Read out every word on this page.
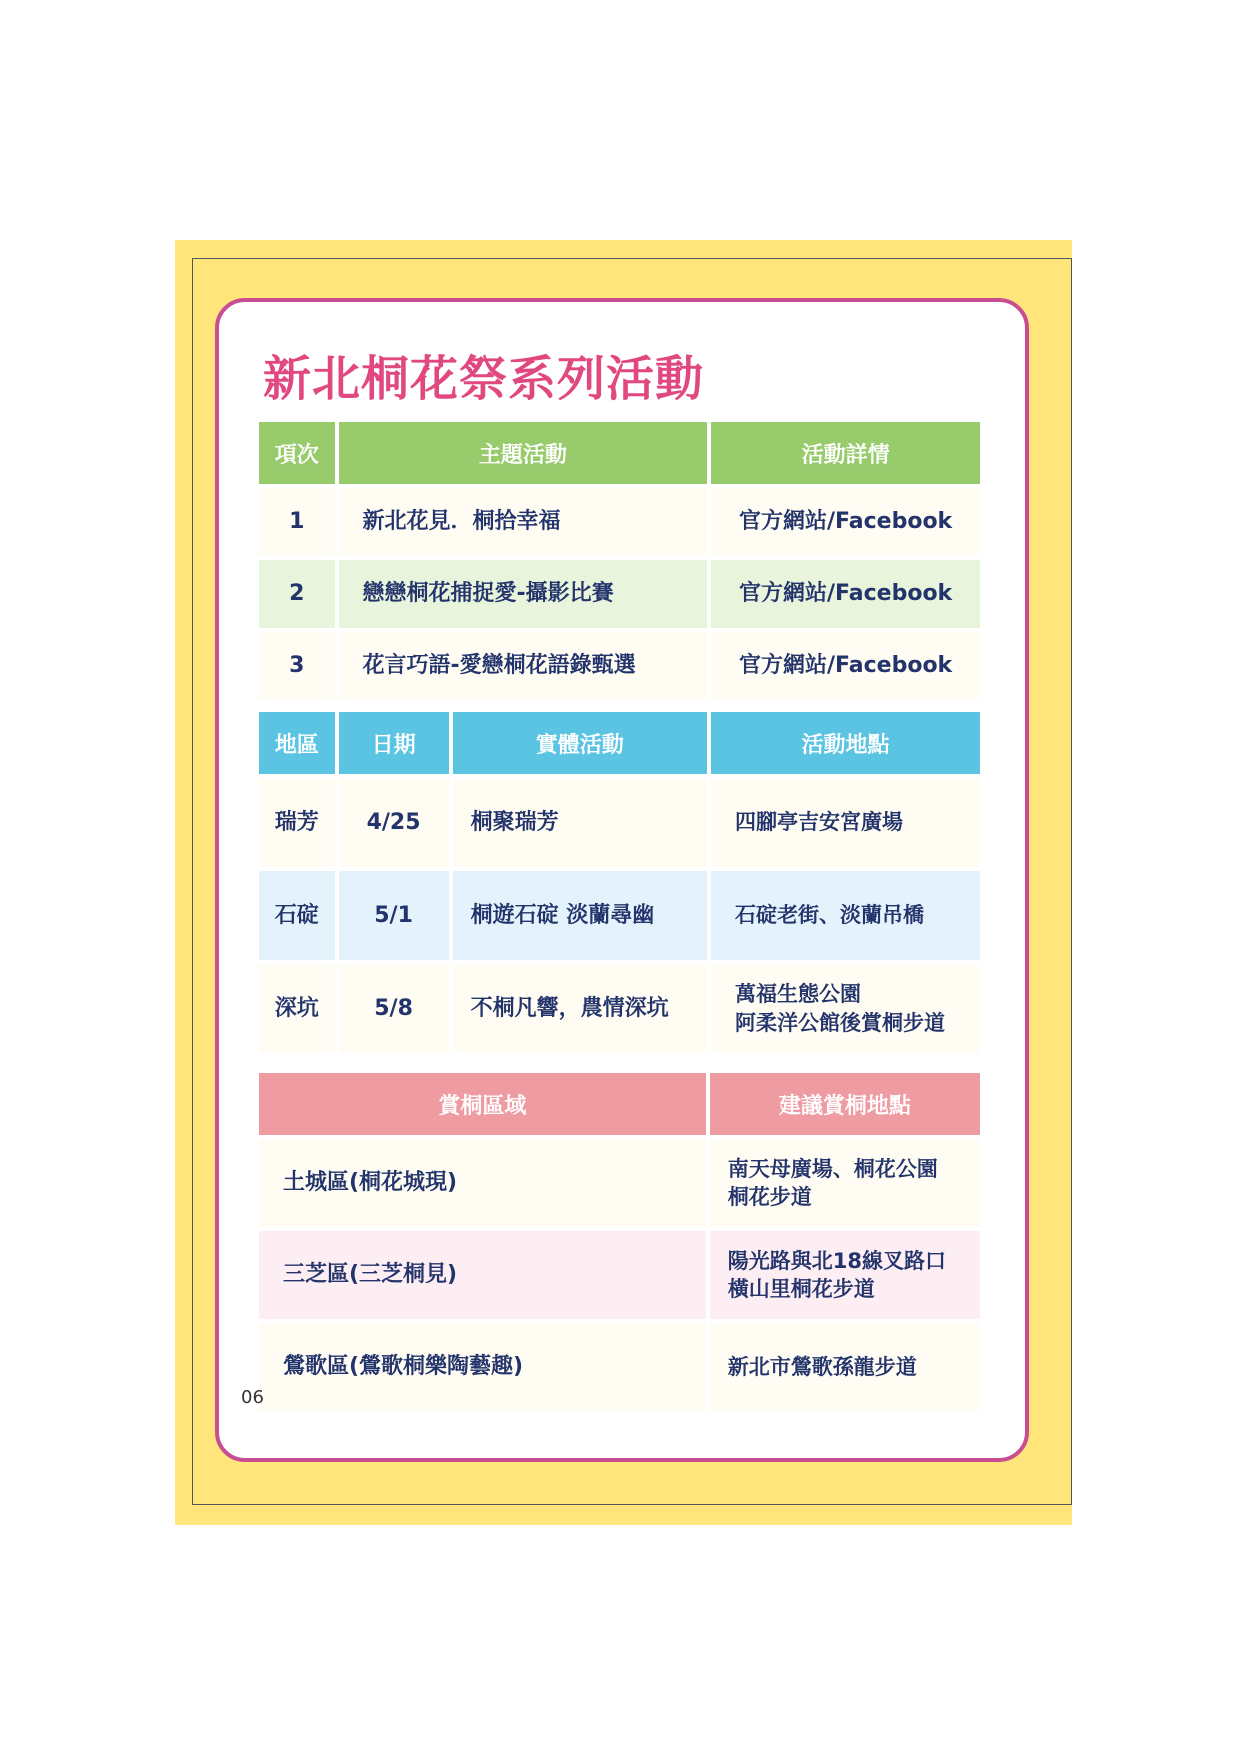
新北桐花祭系列活動
項次	主題活動	活動詳情
1	新北花見．桐拾幸福	官方網站/Facebook
2	戀戀桐花捕捉愛-攝影比賽	官方網站/Facebook
3	花言巧語-愛戀桐花語錄甄選	官方網站/Facebook
地區	日期	實體活動	活動地點
瑞芳	4/25	桐聚瑞芳	四腳亭吉安宮廣場

石碇	5/1	桐遊石碇 淡蘭尋幽	石碇老街、淡蘭吊橋

深坑	5/8	不桐凡響，農情深坑	萬福生態公園
阿柔洋公館後賞桐步道
賞桐區域	建議賞桐地點
土城區(桐花城現)	南天母廣場、桐花公園
桐花步道

三芝區(三芝桐見)	陽光路與北18線叉路口
橫山里桐花步道

鶯歌區(鶯歌桐樂陶藝趣)	新北市鶯歌孫龍步道
06
